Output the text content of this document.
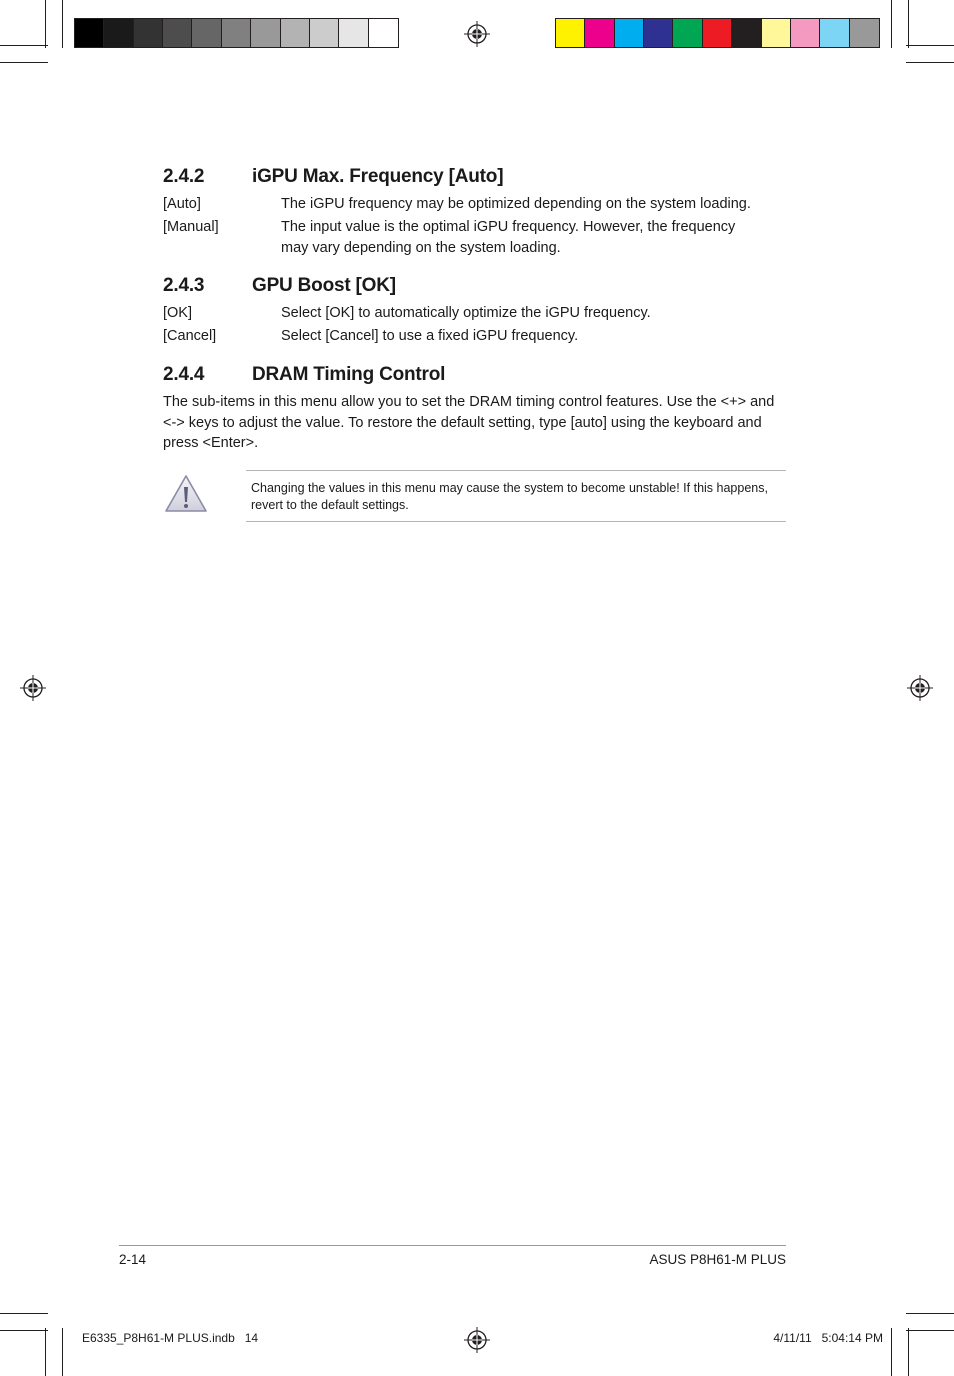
2.4.2	iGPU Max. Frequency [Auto]
[Auto]	The iGPU frequency may be optimized depending on the system loading.
[Manual]	The input value is the optimal iGPU frequency. However, the frequency may vary depending on the system loading.
2.4.3	GPU Boost [OK]
[OK]	Select [OK] to automatically optimize the iGPU frequency.
[Cancel]	Select [Cancel] to use a fixed iGPU frequency.
2.4.4	DRAM Timing Control
The sub-items in this menu allow you to set the DRAM timing control features. Use the <+> and <-> keys to adjust the value. To restore the default setting, type [auto] using the keyboard and press <Enter>.
Changing the values in this menu may cause the system to become unstable! If this happens, revert to the default settings.
2-14	ASUS P8H61-M PLUS
E6335_P8H61-M PLUS.indb   14	4/11/11   5:04:14 PM
